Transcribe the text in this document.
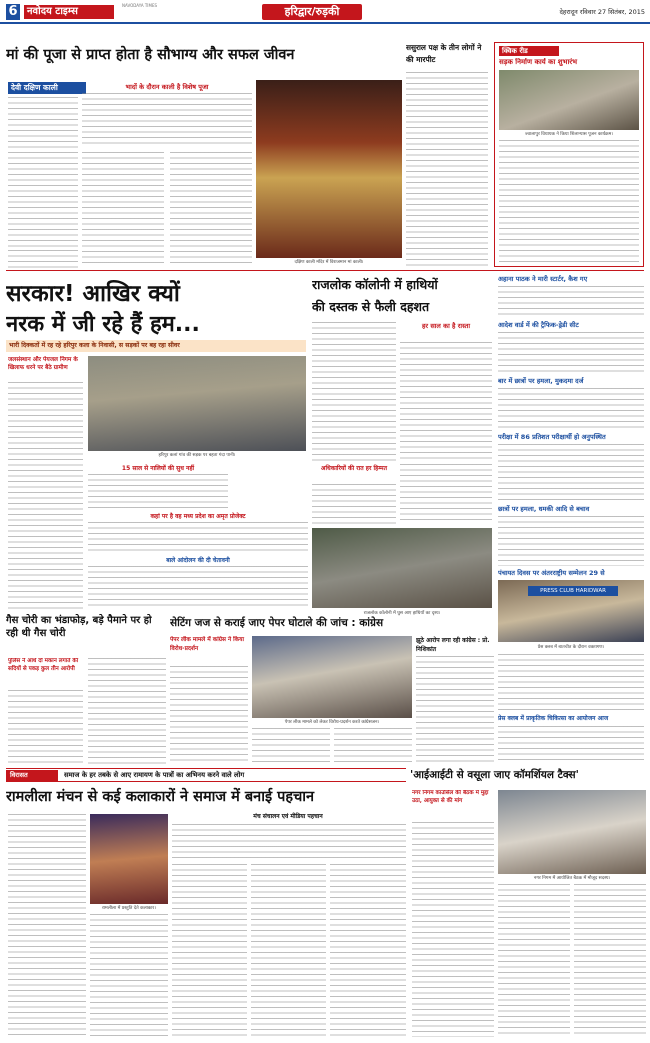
6 नवोदय टाइम्स
NAVODAYA TIMES	हरिद्वार/रुड़की	देहरादून रविवार 27 सितंबर, 2015
मां की पूजा से प्राप्त होता है सौभाग्य और सफल जीवन
देवी दक्षिण काली	भादों के दौरान काली है विशेष पूजा
दक्षिण काली मंदिर में विराजमान मां काली।
ससुराल पक्ष के तीन लोगों ने की मारपीट
क्विक रीड
सड़क निर्माण कार्य का शुभारंभ
ज्वालापुर विधायक ने किया शिलान्यास पूजन कार्यक्रम।
सरकार! आखिर क्यों
नरक में जी रहे हैं हम...
भारी दिक्कतों में रह रहे हरिपुर कला के निवासी, स सड़कों पर बह रहा सीवर
जलसंस्थान और पेयजल निगम के खिलाफ धरने पर बैठे ग्रामीण
हरिपुर कलां गांव की सड़क पर बहता गंदा पानी।
15 साल से नालियों की सुध नहीं
कहां पर है वह मध्य प्रदेश का अमृत प्रोजेक्ट
बाले आंदोलन की दी चेतावनी
राजलोक कॉलोनी में हाथियों
की दस्तक से फैली दहशत
हर साल का है रास्ता
अधिकारियों की रात हर हिम्मत
राजलोक कॉलोनी में घुस आए हाथियों का दृश्य।
अहाना पाठक ने मारी स्टार्टर, कैश गए
आदेश वार्ड में की ट्रैफिक-ड्रेडी सीट
बार में छात्रों पर हमला, मुकदमा दर्ज
परीक्षा में 86 प्रतिशत परीक्षार्थी हो अनुपस्थित
छात्रों पर हमला, धमकी आदि से बचाव
पंचायत दिवस पर अंतरराष्ट्रीय सम्मेलन 29 से
PRESS CLUB HARIDWAR
प्रेस क्लब में बातचीत के दौरान वक्तागण।
प्रेस क्लब में प्राकृतिक चिकित्सा का आयोजन आज
गैस चोरी का भंडाफोड़, बड़े पैमाने पर हो रही थी गैस चोरी
पुलिस ने आधे दो मकान लगाते की सदियों से पकड़ कुल तीन आरोपी
सेटिंग जज से कराई जाए पेपर घोटाले की जांच : कांग्रेस
पेपर लीक मामले में कांग्रेस ने किया विरोध-प्रदर्शन
पेपर लीक मामले को लेकर विरोध-प्रदर्शन करते कांग्रेसजन।
झूठे आरोप लगा रही कांग्रेस : प्रो. निशिकांत
विरासत	समाज के हर तबके से आए रामायण के पात्रों का अभिनय करने वाले लोग
रामलीला मंचन से कई कलाकारों ने समाज में बनाई पहचान
मंच संचालन एवं मीडिया पहचान
रामलीला में प्रस्तुति देते कलाकार।
'आईआईटी से वसूला जाए कॉमर्शियल टैक्स'
नगर निगम काउंसिल की बैठक में मुद्दा उठा, आयुक्त से की मांग
नगर निगम में आयोजित बैठक में मौजूद सदस्य।
